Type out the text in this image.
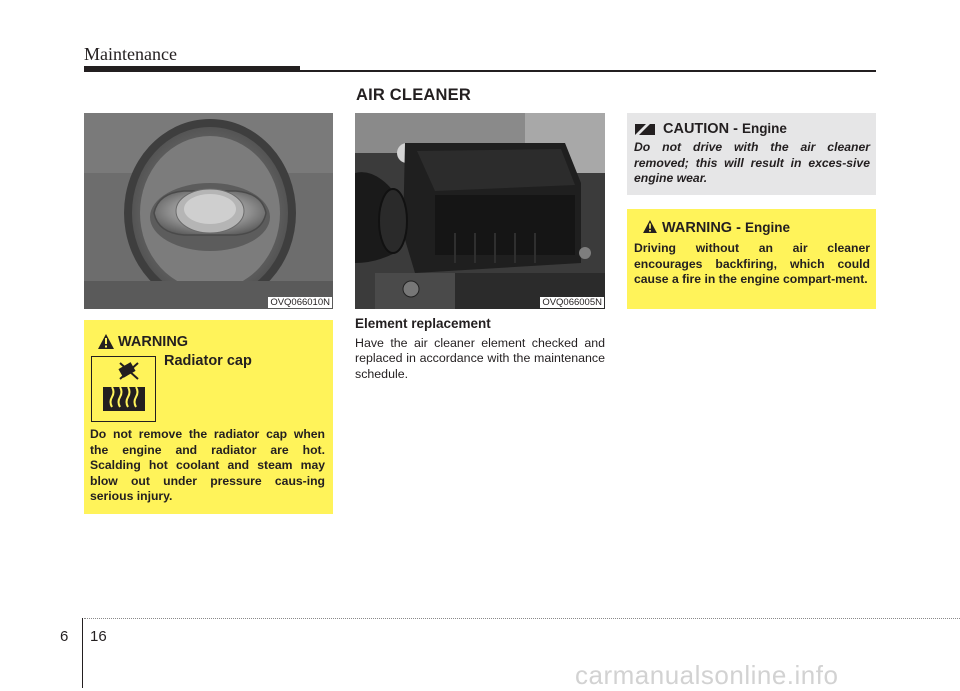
Maintenance
AIR CLEANER
OVQ066010N	OVQ066005N
WARNING
Radiator cap
Do not remove the radiator cap when the engine and radiator are hot. Scalding hot coolant and steam may blow out under pressure caus-ing serious injury.
Element replacement
Have the air cleaner element checked and replaced in accordance with the maintenance schedule.
CAUTION - Engine
Do not drive with the air cleaner removed; this will result in exces-sive engine wear.
WARNING - Engine
Driving without an air cleaner encourages backfiring, which could cause a fire in the engine compart-ment.
6 16
carmanualsonline.info
